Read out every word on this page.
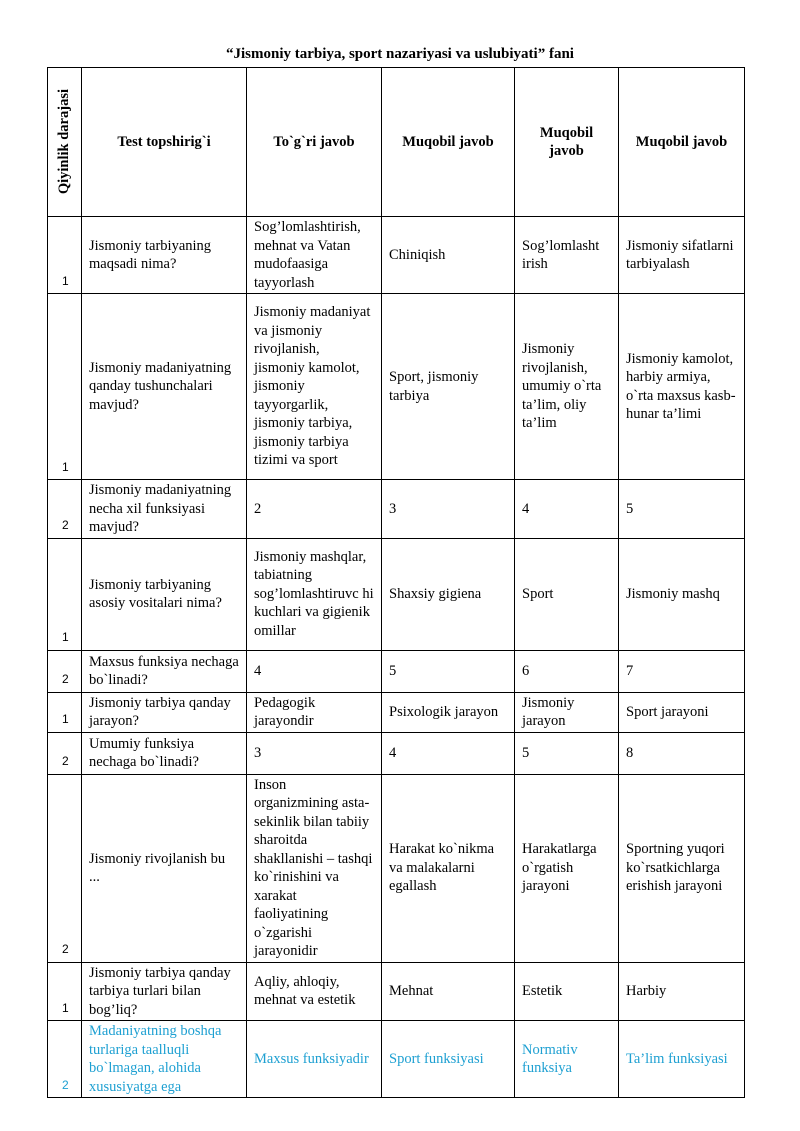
“Jismoniy tarbiya, sport nazariyasi va uslubiyati” fani
Qiyinlik darajasi	Test topshirig`i	To`g`ri javob	Muqobil javob	Muqobil javob	Muqobil javob
1	Jismoniy tarbiyaning maqsadi nima?	Sog’lomlashtirish, mehnat va Vatan mudofaasiga tayyorlash	Chiniqish	Sog’lomlasht irish	Jismoniy sifatlarni tarbiyalash
1	Jismoniy madaniyatning qanday tushunchalari mavjud?	Jismoniy madaniyat va jismoniy rivojlanish, jismoniy kamolot, jismoniy tayyorgarlik, jismoniy tarbiya, jismoniy tarbiya tizimi va sport	Sport, jismoniy tarbiya	Jismoniy rivojlanish, umumiy o`rta ta’lim, oliy ta’lim	Jismoniy kamolot, harbiy armiya, o`rta maxsus kasb-hunar ta’limi
2	Jismoniy madaniyatning necha xil funksiyasi mavjud?	2	3	4	5
1	Jismoniy tarbiyaning asosiy vositalari nima?	Jismoniy mashqlar, tabiatning sog’lomlashtiruvc hi kuchlari va gigienik omillar	Shaxsiy gigiena	Sport	Jismoniy mashq
2	Maxsus funksiya nechaga bo`linadi?	4	5	6	7
1	Jismoniy tarbiya qanday jarayon?	Pedagogik jarayondir	Psixologik jarayon	Jismoniy jarayon	Sport jarayoni
2	Umumiy funksiya nechaga bo`linadi?	3	4	5	8
2	Jismoniy rivojlanish bu ...	Inson organizmining asta-sekinlik bilan tabiiy sharoitda shakllanishi – tashqi ko`rinishini va xarakat faoliyatining o`zgarishi jarayonidir	Harakat ko`nikma va malakalarni egallash	Harakatlarga o`rgatish jarayoni	Sportning yuqori ko`rsatkichlarga erishish jarayoni
1	Jismoniy tarbiya qanday tarbiya turlari bilan bog’liq?	Aqliy, ahloqiy, mehnat va estetik	Mehnat	Estetik	Harbiy
2	Madaniyatning boshqa turlariga taalluqli bo`lmagan, alohida xususiyatga ega	Maxsus funksiyadir	Sport funksiyasi	Normativ funksiya	Ta’lim funksiyasi
